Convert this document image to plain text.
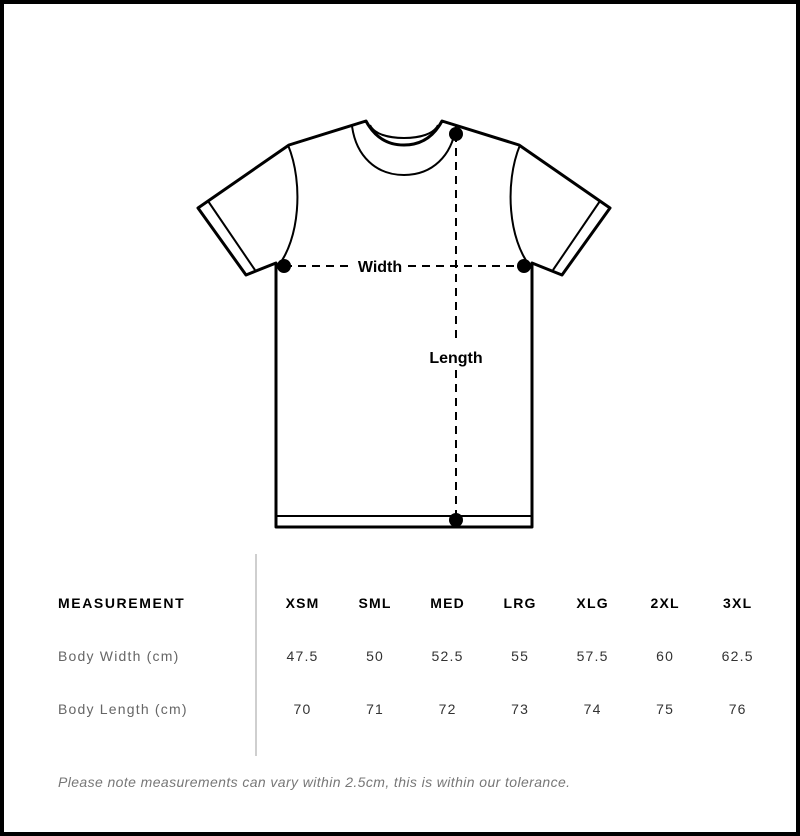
Width
Length
MEASUREMENT	XSM	SML	MED	LRG	XLG	2XL	3XL
Body Width (cm)	47.5	50	52.5	55	57.5	60	62.5
Body Length (cm)	70	71	72	73	74	75	76
Please note measurements can vary within 2.5cm, this is within our tolerance.
